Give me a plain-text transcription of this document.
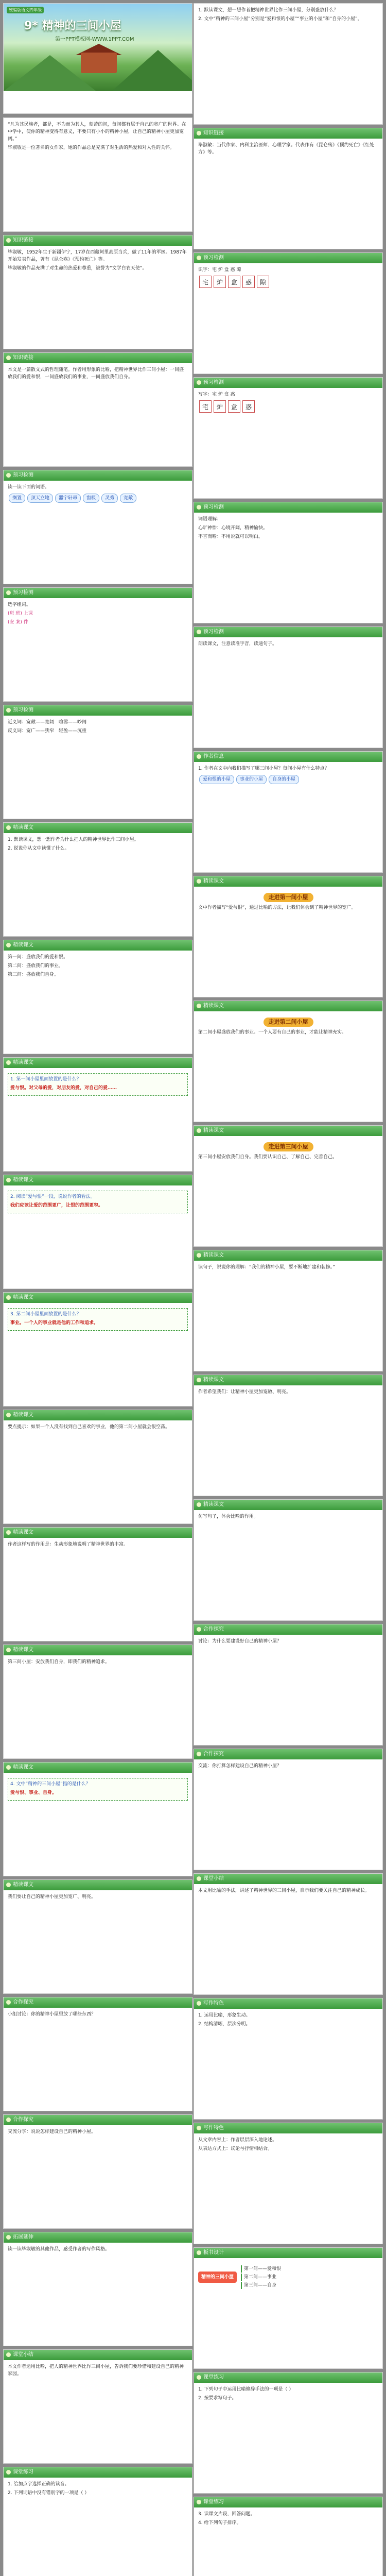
统编版语文四年级
9* 精神的三间小屋
第一PPT模板网-WWW.1PPT.COM

“凡为其民族者，都是，不为而为其人，刻苦的间，每间都有属于自己的宽广的世界。在中学中，使你的精神变得有意义，不要只有小小的精神小屋，让自己的精神小屋更加宽阔。”

毕淑敏是一位著名的女作家，她的作品总是充满了对生活的热爱和对人性的关怀。

知识链接

毕淑敏，1952年生于新疆伊宁，17岁在西藏阿里高原当兵，做了11年的军医。1987年开始发表作品，著有《昆仑殇》《预约死亡》等。

毕淑敏的作品充满了对生命的热爱和尊重，被誉为“文学白衣天使”。

知识链接

本文是一篇散文式的哲理随笔。作者用形象的比喻，把精神世界比作三间小屋：一间盛放我们的爱和恨，一间盛放我们的事业，一间盛放我们自身。

预习检测

读一读下面的词语。

搁置 顶天立地 器宇轩昂 窗棂 灵秀 宽敞
预习检测

选字组词。

(斑 班) 上课

(安 案) 件

预习检测

近义词：宽敞——宽阔　喧嚣——吵闹

反义词：宽广——狭窄　轻盈——沉重

精读课文

1. 默读课文，想一想作者为什么把人的精神世界比作三间小屋。

2. 说说你从文中读懂了什么。

精读课文

第一间：盛放我们的爱和恨。

第二间：盛放我们的事业。

第三间：盛放我们自身。

精读课文

1. 第一间小屋里面放置的是什么？

爱与恨。对父母的爱，对朋友的爱，对自己的爱……

精读课文

2. 阅读“爱与恨”一段，说说作者的看法。

我们应该让爱的范围更广，让恨的范围更窄。

精读课文

3. 第二间小屋里面放置的是什么？

事业。一个人的事业就是他的工作和追求。

精读课文

要点提示：如果一个人没有找到自己喜欢的事业，他的第二间小屋就会很空荡。

精读课文

作者这样写的作用是：生动形象地说明了精神世界的丰富。

精读课文

第三间小屋：安放我们自身，即我们的精神追求。

精读课文

4. 文中“精神的三间小屋”指的是什么？

爱与恨、事业、自身。

精读课文

我们要让自己的精神小屋更加宽广、明亮。

合作探究

小组讨论：你的精神小屋里放了哪些东西？

合作探究

交流分享：说说怎样建设自己的精神小屋。

拓展延伸

读一读毕淑敏的其他作品，感受作者的写作风格。

课堂小结

本文作者运用比喻，把人的精神世界比作三间小屋，告诉我们要珍惜和建设自己的精神家园。

课堂练习

1. 给加点字选择正确的读音。

2. 下列词语中没有错别字的一项是（ ）

1. 默读课文，想一想作者把精神世界比作三间小屋，分别盛放什么？

2. 文中“精神的三间小屋”分别是“爱和恨的小屋”“事业的小屋”和“自身的小屋”。

知识链接

毕淑敏：当代作家、内科主治医师、心理学家。代表作有《昆仑殇》《预约死亡》《红处方》等。

预习检测

识字：宅 炉 盒 惑 隙

宅 炉 盒 惑 隙
预习检测

写字：宅 炉 盒 惑

宅 炉 盒 惑
预习检测

词语理解：

心旷神怡：心境开阔，精神愉快。

不言而喻：不用说就可以明白。

预习检测

朗读课文，注意读准字音，读通句子。

作者信息

1. 作者在文中向我们描写了哪三间小屋？每间小屋有什么特点？

爱和恨的小屋 事业的小屋 自身的小屋
精读课文
走进第一间小屋

文中作者描写“爱与恨”，通过比喻的方法，让我们体会到了精神世界的宽广。

精读课文
走进第二间小屋

第二间小屋盛放我们的事业。一个人要有自己的事业，才能让精神充实。

精读课文
走进第三间小屋

第三间小屋安放我们自身。我们要认识自己、了解自己、完善自己。

精读课文

读句子，说说你的理解：“我们的精神小屋，要不断地扩建和装修。”

精读课文

作者希望我们：让精神小屋更加宽敞、明亮。

精读课文

仿写句子，体会比喻的作用。

合作探究

讨论：为什么要建设好自己的精神小屋？

合作探究

交流：你打算怎样建设自己的精神小屋？

课堂小结

本文用比喻的手法，讲述了精神世界的三间小屋，启示我们要关注自己的精神成长。

写作特色

1. 运用比喻，形象生动。

2. 结构清晰，层次分明。

写作特色

从文章内容上：作者层层深入地论述。

从表达方式上：议论与抒情相结合。

板书设计
精神的三间小屋
第一间——爱和恨
第二间——事业
第三间——自身
课堂练习

1. 下列句子中运用比喻修辞手法的一项是（ ）

2. 按要求写句子。

课堂练习

3. 读课文片段，回答问题。

4. 给下列句子排序。
